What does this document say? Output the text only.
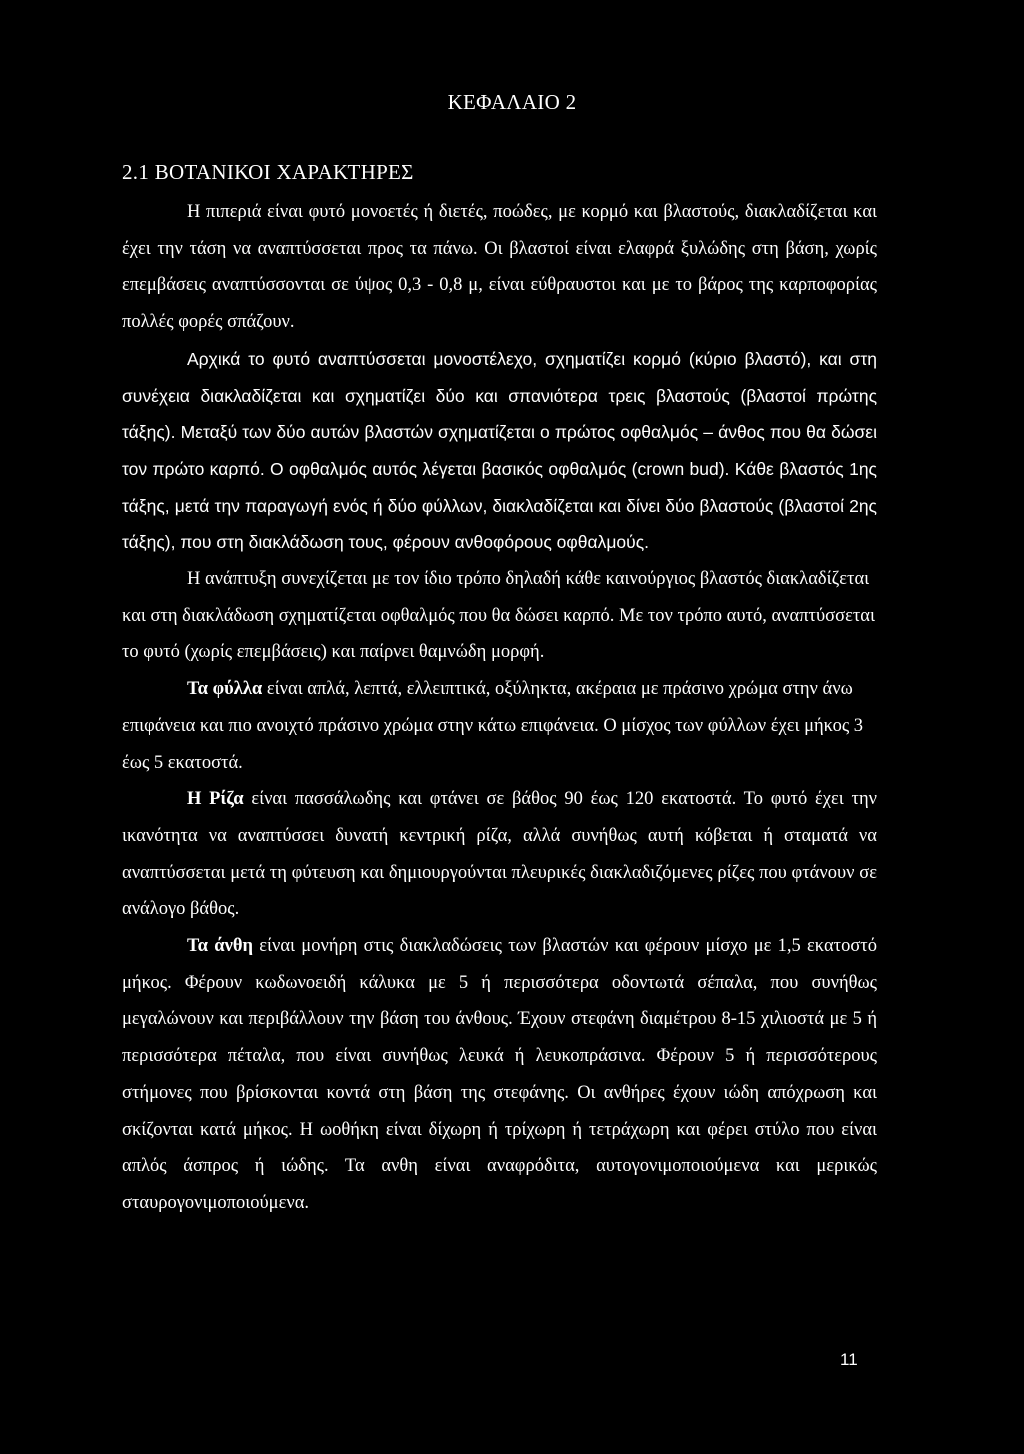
ΚΕΦΑΛΑΙΟ 2
2.1 ΒΟΤΑΝΙΚΟΙ ΧΑΡΑΚΤΗΡΕΣ

Η πιπεριά είναι φυτό μονοετές ή διετές, ποώδες, με κορμό και βλαστούς, διακλαδίζεται και έχει την τάση να αναπτύσσεται προς τα πάνω. Οι βλαστοί είναι ελαφρά ξυλώδης στη βάση, χωρίς επεμβάσεις αναπτύσσονται σε ύψος 0,3 - 0,8 μ, είναι εύθραυστοι και με το βάρος της καρποφορίας πολλές φορές σπάζουν.

Αρχικά το φυτό αναπτύσσεται μονοστέλεχο, σχηματίζει κορμό (κύριο βλαστό), και στη συνέχεια διακλαδίζεται και σχηματίζει δύο και σπανιότερα τρεις βλαστούς (βλαστοί πρώτης τάξης). Μεταξύ των δύο αυτών βλαστών σχηματίζεται ο πρώτος οφθαλμός – άνθος που θα δώσει τον πρώτο καρπό. Ο οφθαλμός αυτός λέγεται βασικός οφθαλμός (crown bud). Κάθε βλαστός 1ης τάξης, μετά την παραγωγή ενός ή δύο φύλλων, διακλαδίζεται και δίνει δύο βλαστούς (βλαστοί 2ης τάξης), που στη διακλάδωση τους, φέρουν ανθοφόρους οφθαλμούς.

Η ανάπτυξη συνεχίζεται με τον ίδιο τρόπο δηλαδή κάθε καινούργιος βλαστός διακλαδίζεται και στη διακλάδωση σχηματίζεται οφθαλμός που θα δώσει καρπό. Με τον τρόπο αυτό, αναπτύσσεται το φυτό (χωρίς επεμβάσεις) και παίρνει θαμνώδη μορφή.

Τα φύλλα είναι απλά, λεπτά, ελλειπτικά, οξύληκτα, ακέραια με πράσινο χρώμα στην άνω επιφάνεια και πιο ανοιχτό πράσινο χρώμα στην κάτω επιφάνεια. Ο μίσχος των φύλλων έχει μήκος 3 έως 5 εκατοστά.

Η Ρίζα είναι πασσάλωδης και φτάνει σε βάθος 90 έως 120 εκατοστά. Το φυτό έχει την ικανότητα να αναπτύσσει δυνατή κεντρική ρίζα, αλλά συνήθως αυτή κόβεται ή σταματά να αναπτύσσεται μετά τη φύτευση και δημιουργούνται πλευρικές διακλαδιζόμενες ρίζες που φτάνουν σε ανάλογο βάθος.

Τα άνθη είναι μονήρη στις διακλαδώσεις των βλαστών και φέρουν μίσχο με 1,5 εκατοστό μήκος. Φέρουν κωδωνοειδή κάλυκα με 5 ή περισσότερα οδοντωτά σέπαλα, που συνήθως μεγαλώνουν και περιβάλλουν την βάση του άνθους. Έχουν στεφάνη διαμέτρου 8-15 χιλιοστά με 5 ή περισσότερα πέταλα, που είναι συνήθως λευκά ή λευκοπράσινα. Φέρουν 5 ή περισσότερους στήμονες που βρίσκονται κοντά στη βάση της στεφάνης. Οι ανθήρες έχουν ιώδη απόχρωση και σκίζονται κατά μήκος. Η ωοθήκη είναι δίχωρη ή τρίχωρη ή τετράχωρη και φέρει στύλο που είναι απλός άσπρος ή ιώδης. Τα ανθη είναι αναφρόδιτα, αυτογονιμοποιούμενα και μερικώς σταυρογονιμοποιούμενα.

11
